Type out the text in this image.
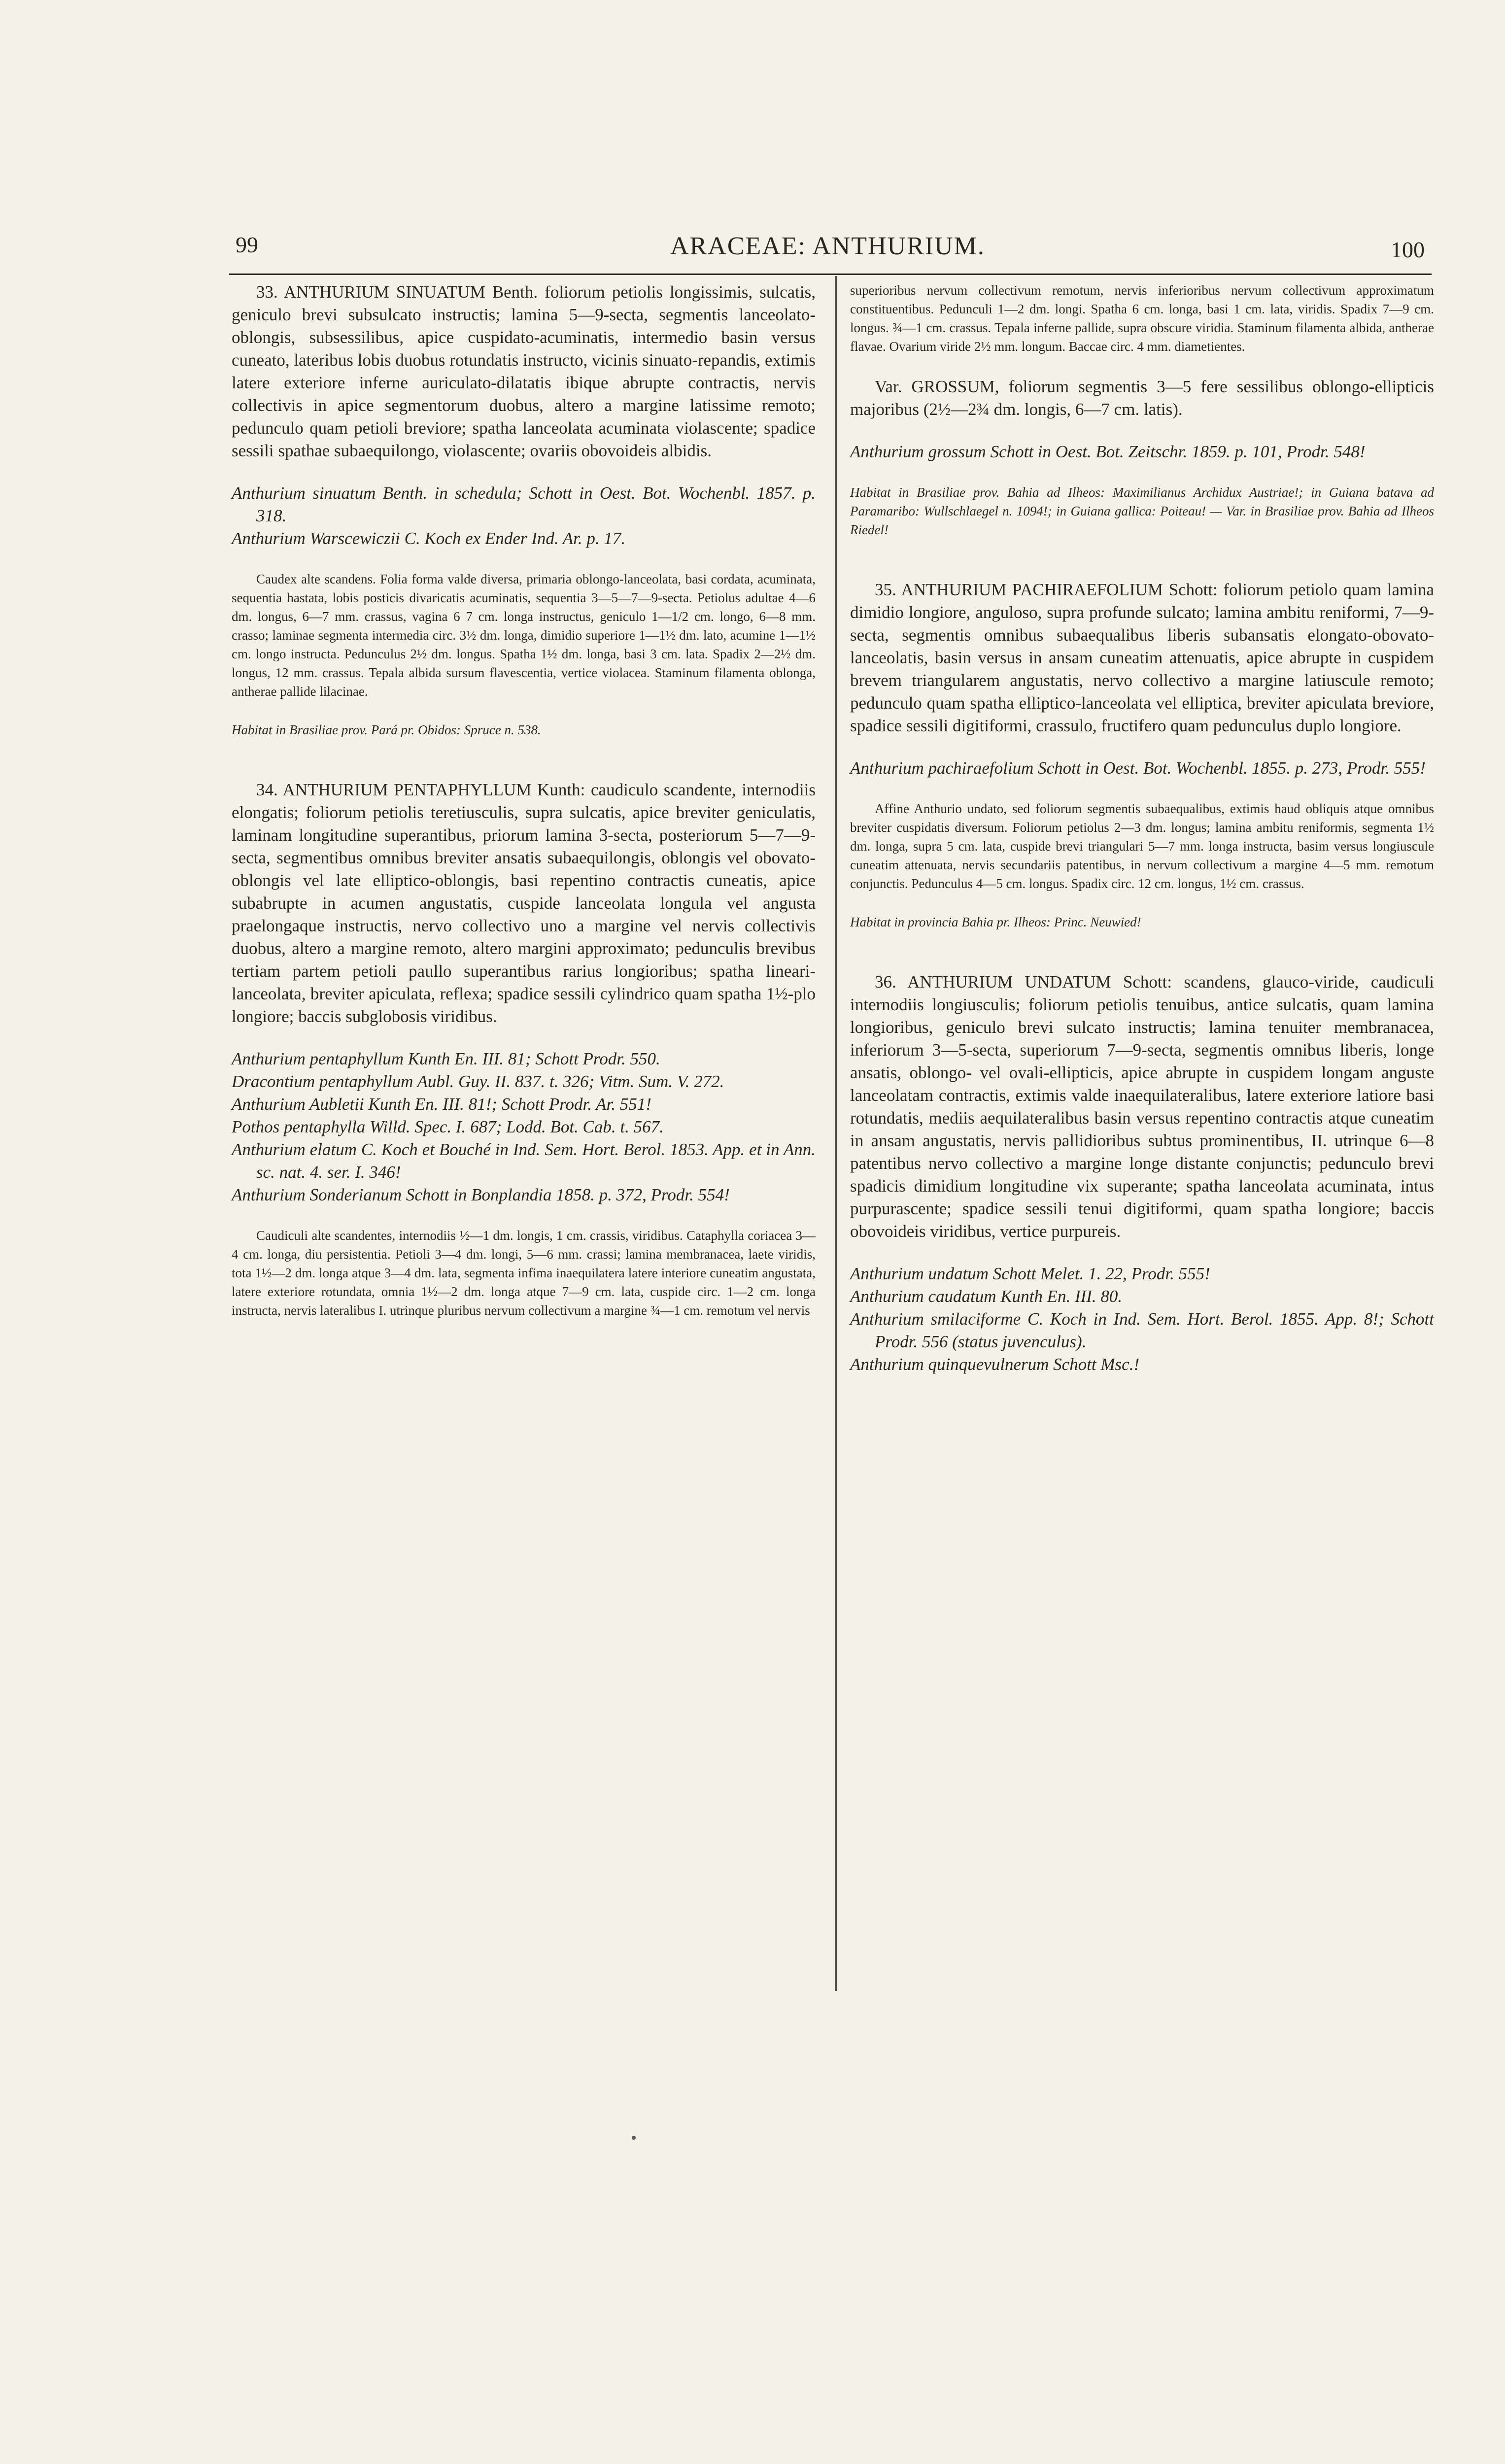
99	ARACEAE: ANTHURIUM.	100

33. ANTHURIUM SINUATUM Benth. foliorum petiolis longissimis, sulcatis, geniculo brevi subsulcato instructis; lamina 5—9-secta, segmentis lanceolato-oblongis, subsessilibus, apice cuspidato-acuminatis, intermedio basin versus cuneato, lateribus lobis duobus rotundatis instructo, vicinis sinuato-repandis, extimis latere exteriore inferne auriculato-dilatatis ibique abrupte contractis, nervis collectivis in apice segmentorum duobus, altero a margine latissime remoto; pedunculo quam petioli breviore; spatha lanceolata acuminata violascente; spadice sessili spathae subaequilongo, violascente; ovariis obovoideis albidis.

Anthurium sinuatum Benth. in schedula; Schott in Oest. Bot. Wochenbl. 1857. p. 318.

Anthurium Warscewiczii C. Koch ex Ender Ind. Ar. p. 17.

Caudex alte scandens. Folia forma valde diversa, primaria oblongo-lanceolata, basi cordata, acuminata, sequentia hastata, lobis posticis divaricatis acuminatis, sequentia 3—5—7—9-secta. Petiolus adultae 4—6 dm. longus, 6—7 mm. crassus, vagina 6 7 cm. longa instructus, geniculo 1—1/2 cm. longo, 6—8 mm. crasso; laminae segmenta intermedia circ. 3½ dm. longa, dimidio superiore 1—1½ dm. lato, acumine 1—1½ cm. longo instructa. Pedunculus 2½ dm. longus. Spatha 1½ dm. longa, basi 3 cm. lata. Spadix 2—2½ dm. longus, 12 mm. crassus. Tepala albida sursum flavescentia, vertice violacea. Staminum filamenta oblonga, antherae pallide lilacinae.

Habitat in Brasiliae prov. Pará pr. Obidos: Spruce n. 538.

34. ANTHURIUM PENTAPHYLLUM Kunth: caudiculo scandente, internodiis elongatis; foliorum petiolis teretiusculis, supra sulcatis, apice breviter geniculatis, laminam longitudine superantibus, priorum lamina 3-secta, posteriorum 5—7—9-secta, segmentibus omnibus breviter ansatis subaequilongis, oblongis vel obovato-oblongis vel late elliptico-oblongis, basi repentino contractis cuneatis, apice subabrupte in acumen angustatis, cuspide lanceolata longula vel angusta praelongaque instructis, nervo collectivo uno a margine vel nervis collectivis duobus, altero a margine remoto, altero margini approximato; pedunculis brevibus tertiam partem petioli paullo superantibus rarius longioribus; spatha lineari-lanceolata, breviter apiculata, reflexa; spadice sessili cylindrico quam spatha 1½-plo longiore; baccis subglobosis viridibus.

Anthurium pentaphyllum Kunth En. III. 81; Schott Prodr. 550.

Dracontium pentaphyllum Aubl. Guy. II. 837. t. 326; Vitm. Sum. V. 272.

Anthurium Aubletii Kunth En. III. 81!; Schott Prodr. Ar. 551!

Pothos pentaphylla Willd. Spec. I. 687; Lodd. Bot. Cab. t. 567.

Anthurium elatum C. Koch et Bouché in Ind. Sem. Hort. Berol. 1853. App. et in Ann. sc. nat. 4. ser. I. 346!

Anthurium Sonderianum Schott in Bonplandia 1858. p. 372, Prodr. 554!

Caudiculi alte scandentes, internodiis ½—1 dm. longis, 1 cm. crassis, viridibus. Cataphylla coriacea 3—4 cm. longa, diu persistentia. Petioli 3—4 dm. longi, 5—6 mm. crassi; lamina membranacea, laete viridis, tota 1½—2 dm. longa atque 3—4 dm. lata, segmenta infima inaequilatera latere interiore cuneatim angustata, latere exteriore rotundata, omnia 1½—2 dm. longa atque 7—9 cm. lata, cuspide circ. 1—2 cm. longa instructa, nervis lateralibus I. utrinque pluribus nervum collectivum a margine ¾—1 cm. remotum vel nervis

superioribus nervum collectivum remotum, nervis inferioribus nervum collectivum approximatum constituentibus. Pedunculi 1—2 dm. longi. Spatha 6 cm. longa, basi 1 cm. lata, viridis. Spadix 7—9 cm. longus. ¾—1 cm. crassus. Tepala inferne pallide, supra obscure viridia. Staminum filamenta albida, antherae flavae. Ovarium viride 2½ mm. longum. Baccae circ. 4 mm. diametientes.

Var. GROSSUM, foliorum segmentis 3—5 fere sessilibus oblongo-ellipticis majoribus (2½—2¾ dm. longis, 6—7 cm. latis).

Anthurium grossum Schott in Oest. Bot. Zeitschr. 1859. p. 101, Prodr. 548!

Habitat in Brasiliae prov. Bahia ad Ilheos: Maximilianus Archidux Austriae!; in Guiana batava ad Paramaribo: Wullschlaegel n. 1094!; in Guiana gallica: Poiteau! — Var. in Brasiliae prov. Bahia ad Ilheos Riedel!

35. ANTHURIUM PACHIRAEFOLIUM Schott: foliorum petiolo quam lamina dimidio longiore, anguloso, supra profunde sulcato; lamina ambitu reniformi, 7—9-secta, segmentis omnibus subaequalibus liberis subansatis elongato-obovato-lanceolatis, basin versus in ansam cuneatim attenuatis, apice abrupte in cuspidem brevem triangularem angustatis, nervo collectivo a margine latiuscule remoto; pedunculo quam spatha elliptico-lanceolata vel elliptica, breviter apiculata breviore, spadice sessili digitiformi, crassulo, fructifero quam pedunculus duplo longiore.

Anthurium pachiraefolium Schott in Oest. Bot. Wochenbl. 1855. p. 273, Prodr. 555!

Affine Anthurio undato, sed foliorum segmentis subaequalibus, extimis haud obliquis atque omnibus breviter cuspidatis diversum. Foliorum petiolus 2—3 dm. longus; lamina ambitu reniformis, segmenta 1½ dm. longa, supra 5 cm. lata, cuspide brevi triangulari 5—7 mm. longa instructa, basim versus longiuscule cuneatim attenuata, nervis secundariis patentibus, in nervum collectivum a margine 4—5 mm. remotum conjunctis. Pedunculus 4—5 cm. longus. Spadix circ. 12 cm. longus, 1½ cm. crassus.

Habitat in provincia Bahia pr. Ilheos: Princ. Neuwied!

36. ANTHURIUM UNDATUM Schott: scandens, glauco-viride, caudiculi internodiis longiusculis; foliorum petiolis tenuibus, antice sulcatis, quam lamina longioribus, geniculo brevi sulcato instructis; lamina tenuiter membranacea, inferiorum 3—5-secta, superiorum 7—9-secta, segmentis omnibus liberis, longe ansatis, oblongo- vel ovali-ellipticis, apice abrupte in cuspidem longam anguste lanceolatam contractis, extimis valde inaequilateralibus, latere exteriore latiore basi rotundatis, mediis aequilateralibus basin versus repentino contractis atque cuneatim in ansam angustatis, nervis pallidioribus subtus prominentibus, II. utrinque 6—8 patentibus nervo collectivo a margine longe distante conjunctis; pedunculo brevi spadicis dimidium longitudine vix superante; spatha lanceolata acuminata, intus purpurascente; spadice sessili tenui digitiformi, quam spatha longiore; baccis obovoideis viridibus, vertice purpureis.

Anthurium undatum Schott Melet. 1. 22, Prodr. 555!

Anthurium caudatum Kunth En. III. 80.

Anthurium smilaciforme C. Koch in Ind. Sem. Hort. Berol. 1855. App. 8!; Schott Prodr. 556 (status juvenculus).

Anthurium quinquevulnerum Schott Msc.!

•
